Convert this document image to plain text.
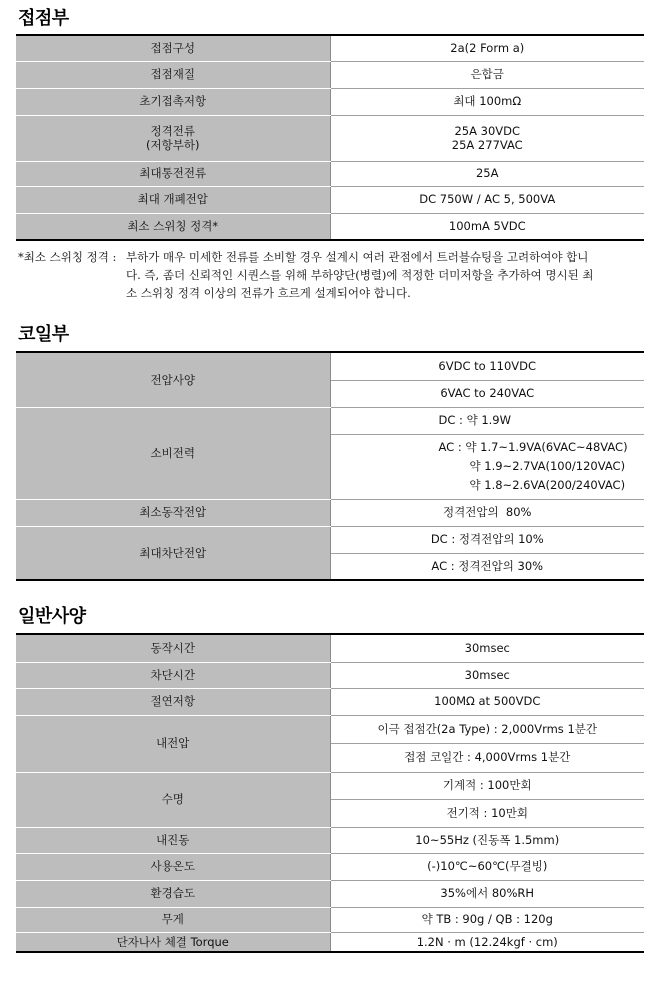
접점부

접점구성	2a(2 Form a)
접점재질	은합금
초기접촉저항	최대 100mΩ

정격전류
(저항부하)	25A 30VDC
25A 277VAC

최대통전전류	25A
최대 개폐전압	DC 750W / AC 5, 500VA
최소 스위칭 정격*	100mA 5VDC
*최소 스위칭 정격 : 부하가 매우 미세한 전류를 소비할 경우 설계시 여러 관점에서 트러블슈팅을 고려하여야 합니
다. 즉, 좀더 신뢰적인 시퀀스를 위해 부하양단(병렬)에 적정한 더미저항을 추가하여 명시된 최
소 스위칭 정격 이상의 전류가 흐르게 설계되어야 합니다.
코일부

전압사양	6VDC to 110VDC
	6VAC to 240VAC
소비전력	DC : 약 1.9W

	AC : 약 1.7~1.9VA(6VAC~48VAC)
약 1.9~2.7VA(100/120VAC)
약 1.8~2.6VA(200/240VAC)

최소동작전압	정격전압의  80%
최대차단전압	DC : 정격전압의 10%
	AC : 정격전압의 30%
일반사양

동작시간	30msec
차단시간	30msec
절연저항	100MΩ at 500VDC
내전압	이극 접점간(2a Type) : 2,000Vrms 1분간
	접점 코일간 : 4,000Vrms 1분간
수명	기계적 : 100만회
	전기적 : 10만회
내진동	10~55Hz (진동폭 1.5mm)
사용온도	(-)10℃~60℃(무결빙)
환경습도	35%에서 80%RH
무게	약 TB : 90g / QB : 120g
단자나사 체결 Torque	1.2N · m (12.24kgf · cm)
